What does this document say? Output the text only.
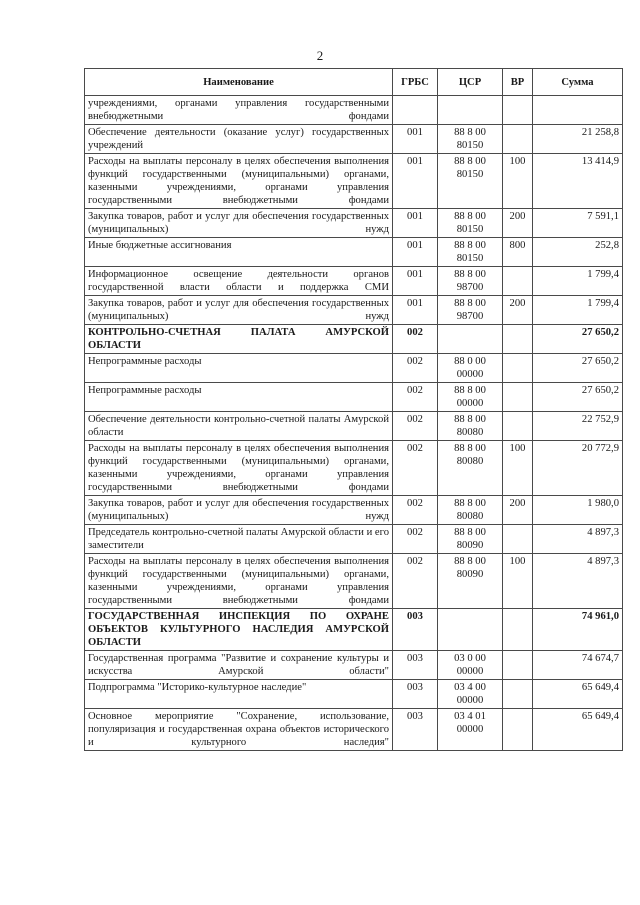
2
Наименование	ГРБС	ЦСР	ВР	Сумма
учреждениями, органами управления государственными внебюджетными фондами				
Обеспечение деятельности (оказание услуг) государственных учреждений	001	88 8 00 80150		21 258,8
Расходы на выплаты персоналу в целях обеспечения выполнения функций государственными (муниципальными) органами, казенными учреждениями, органами управления государственными внебюджетными фондами	001	88 8 00 80150	100	13 414,9
Закупка товаров, работ и услуг для обеспечения государственных (муниципальных) нужд	001	88 8 00 80150	200	7 591,1
Иные бюджетные ассигнования	001	88 8 00 80150	800	252,8
Информационное освещение деятельности органов государственной власти области и поддержка СМИ	001	88 8 00 98700		1 799,4
Закупка товаров, работ и услуг для обеспечения государственных (муниципальных) нужд	001	88 8 00 98700	200	1 799,4
КОНТРОЛЬНО-СЧЕТНАЯ ПАЛАТА АМУРСКОЙ ОБЛАСТИ	002			27 650,2
Непрограммные расходы	002	88 0 00 00000		27 650,2
Непрограммные расходы	002	88 8 00 00000		27 650,2
Обеспечение деятельности контрольно-счетной палаты Амурской области	002	88 8 00 80080		22 752,9
Расходы на выплаты персоналу в целях обеспечения выполнения функций государственными (муниципальными) органами, казенными учреждениями, органами управления государственными внебюджетными фондами	002	88 8 00 80080	100	20 772,9
Закупка товаров, работ и услуг для обеспечения государственных (муниципальных) нужд	002	88 8 00 80080	200	1 980,0
Председатель контрольно-счетной палаты Амурской области и его заместители	002	88 8 00 80090		4 897,3
Расходы на выплаты персоналу в целях обеспечения выполнения функций государственными (муниципальными) органами, казенными учреждениями, органами управления государственными внебюджетными фондами	002	88 8 00 80090	100	4 897,3
ГОСУДАРСТВЕННАЯ ИНСПЕКЦИЯ ПО ОХРАНЕ ОБЪЕКТОВ КУЛЬТУРНОГО НАСЛЕДИЯ АМУРСКОЙ ОБЛАСТИ	003			74 961,0
Государственная программа "Развитие и сохранение культуры и искусства Амурской области"	003	03 0 00 00000		74 674,7
Подпрограмма "Историко-культурное наследие"	003	03 4 00 00000		65 649,4
Основное мероприятие "Сохранение, использование, популяризация и государственная охрана объектов исторического и культурного наследия"	003	03 4 01 00000		65 649,4
